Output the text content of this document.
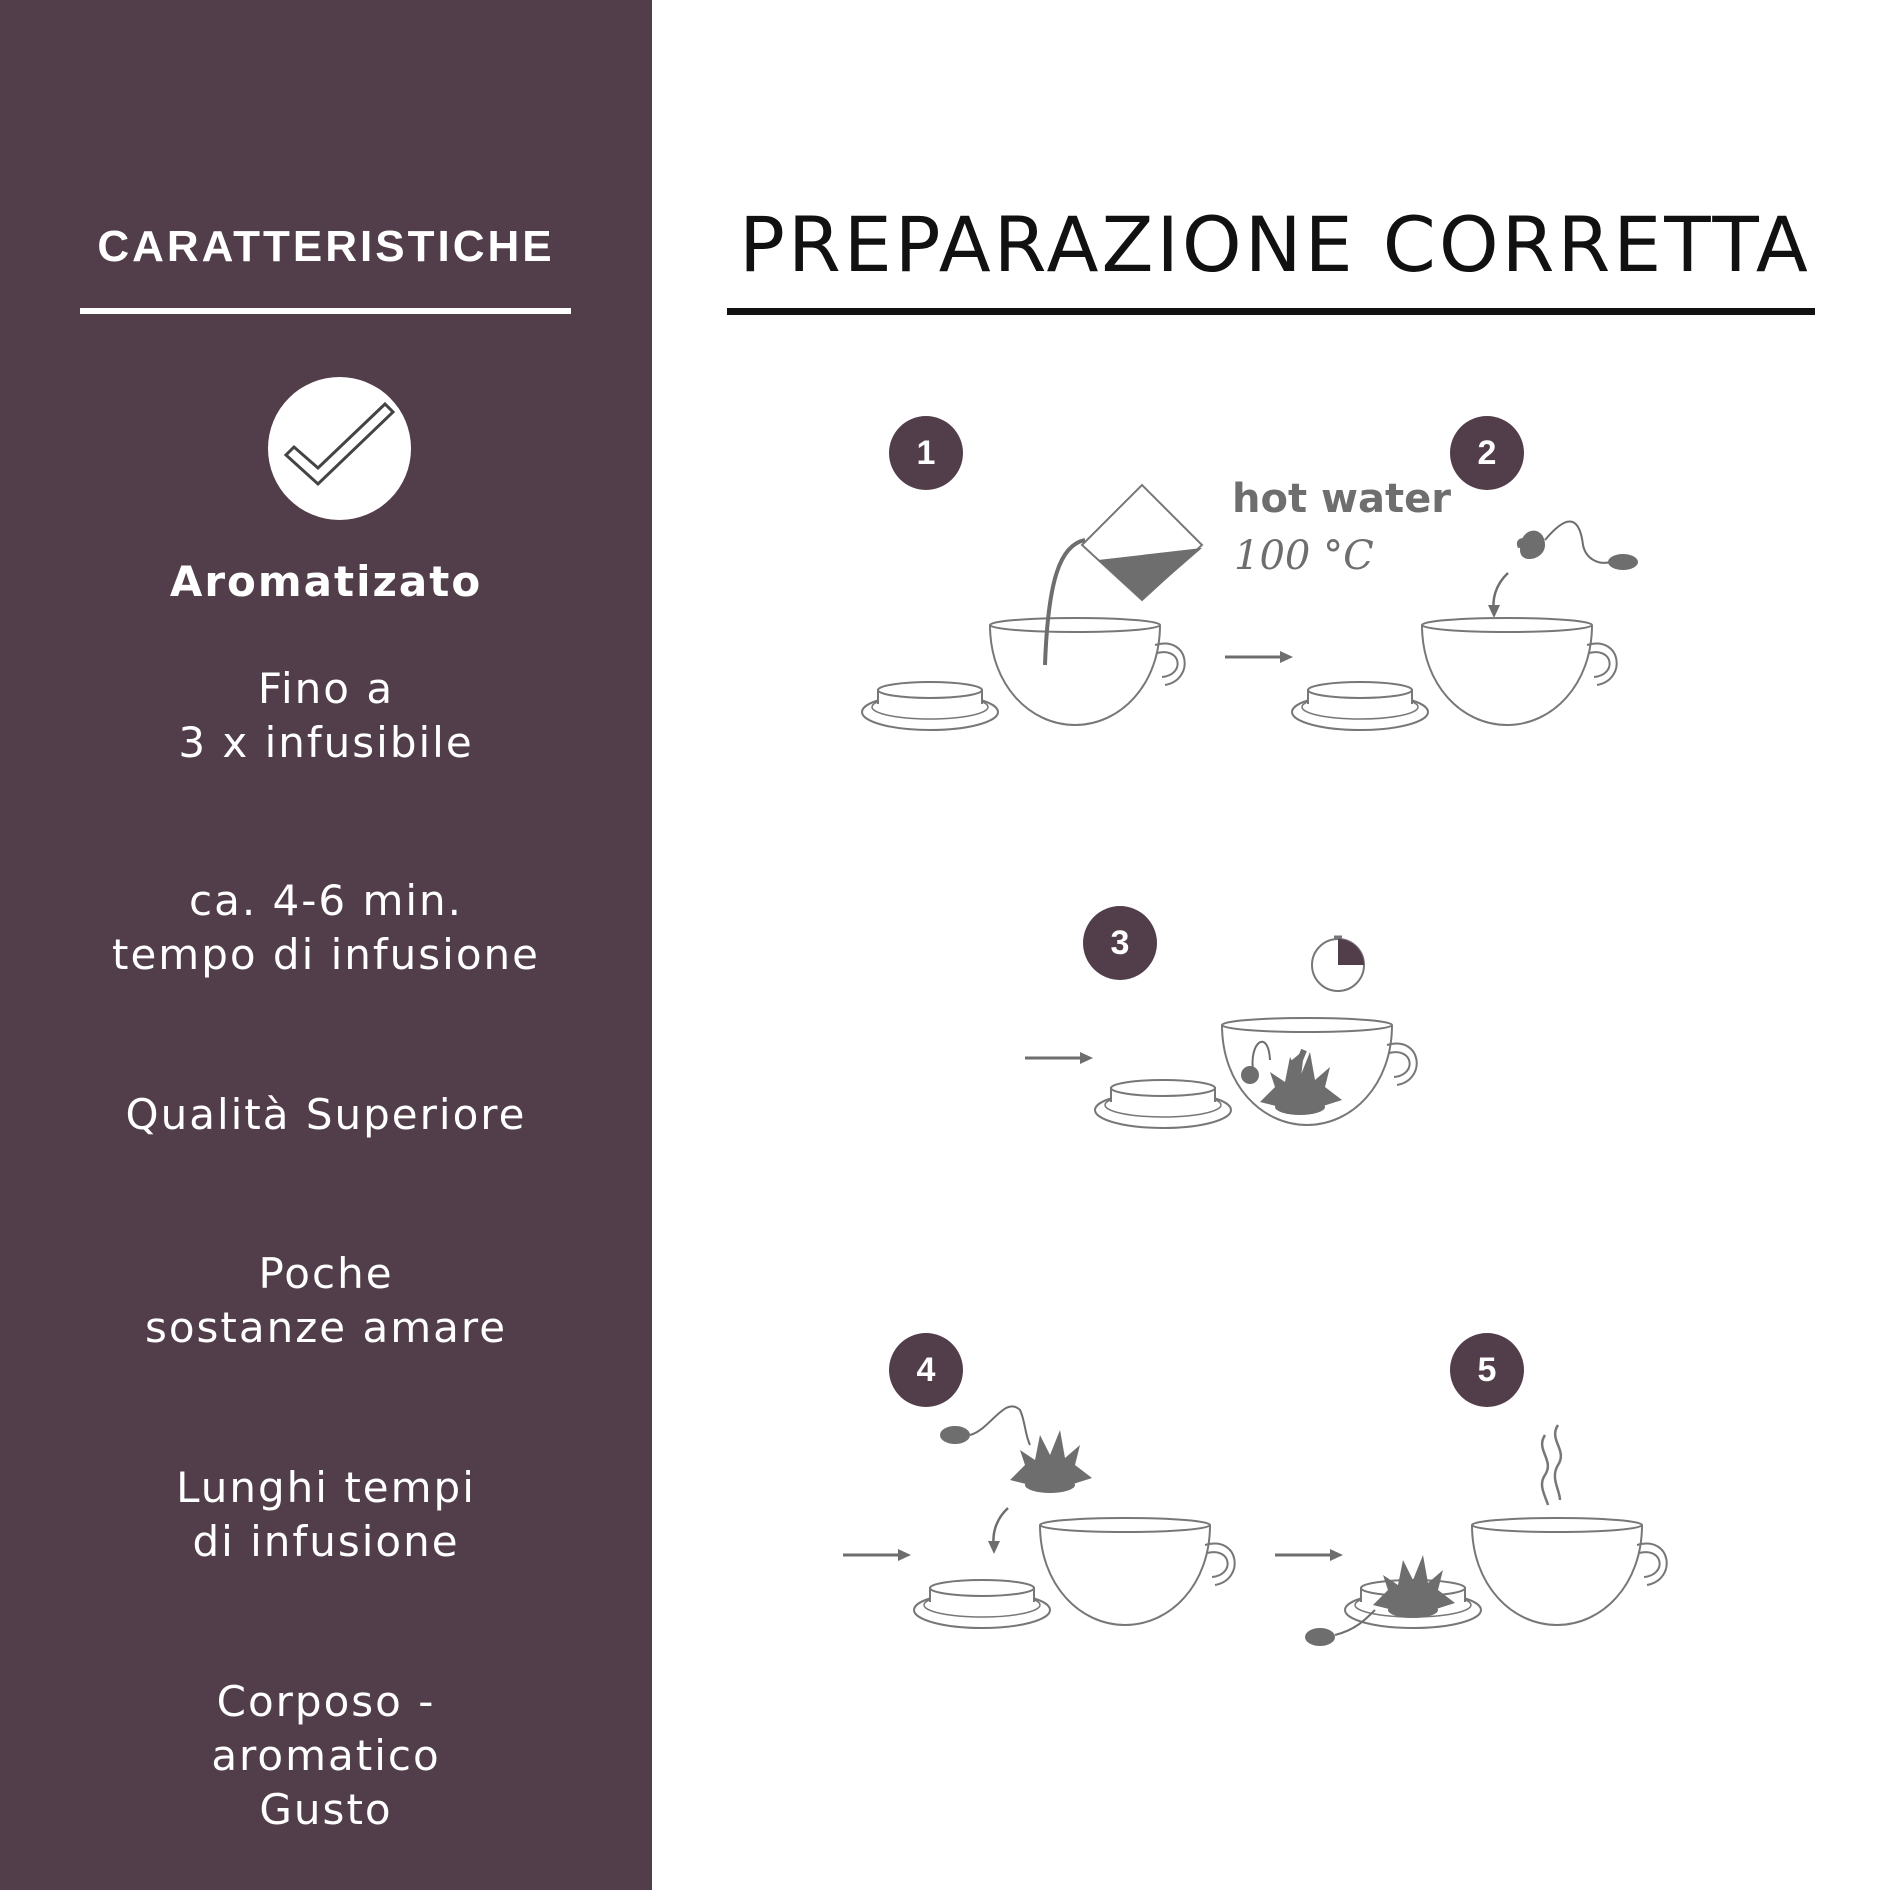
CARATTERISTICHE
Aromatizato
Fino a
3 x infusibile
ca. 4-6 min.
tempo di infusione
Qualità Superiore
Poche
sostanze amare
Lunghi tempi
di infusione
Corposo -
aromatico
Gusto
PREPARAZIONE CORRETTA
1	2
3
4	5
hot water
100 °C
